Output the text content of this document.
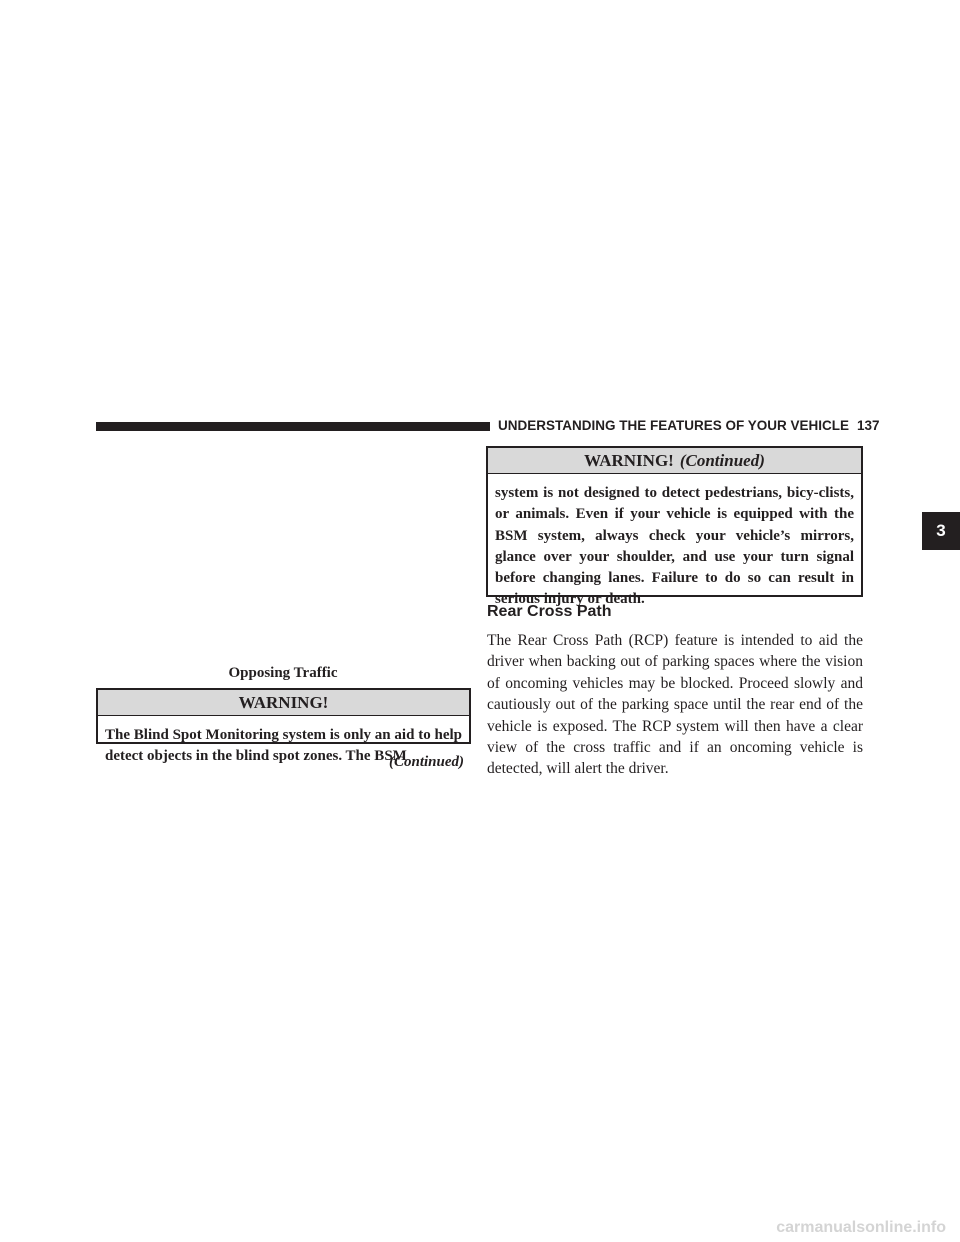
UNDERSTANDING THE FEATURES OF YOUR VEHICLE 137
3
Opposing Traffic
WARNING!
The Blind Spot Monitoring system is only an aid to help detect objects in the blind spot zones. The BSM
(Continued)
WARNING! (Continued)
system is not designed to detect pedestrians, bicy-clists, or animals. Even if your vehicle is equipped with the BSM system, always check your vehicle’s mirrors, glance over your shoulder, and use your turn signal before changing lanes. Failure to do so can result in serious injury or death.
Rear Cross Path
The Rear Cross Path (RCP) feature is intended to aid the driver when backing out of parking spaces where the vision of oncoming vehicles may be blocked. Proceed slowly and cautiously out of the parking space until the rear end of the vehicle is exposed. The RCP system will then have a clear view of the cross traffic and if an oncoming vehicle is detected, will alert the driver.
carmanualsonline.info
